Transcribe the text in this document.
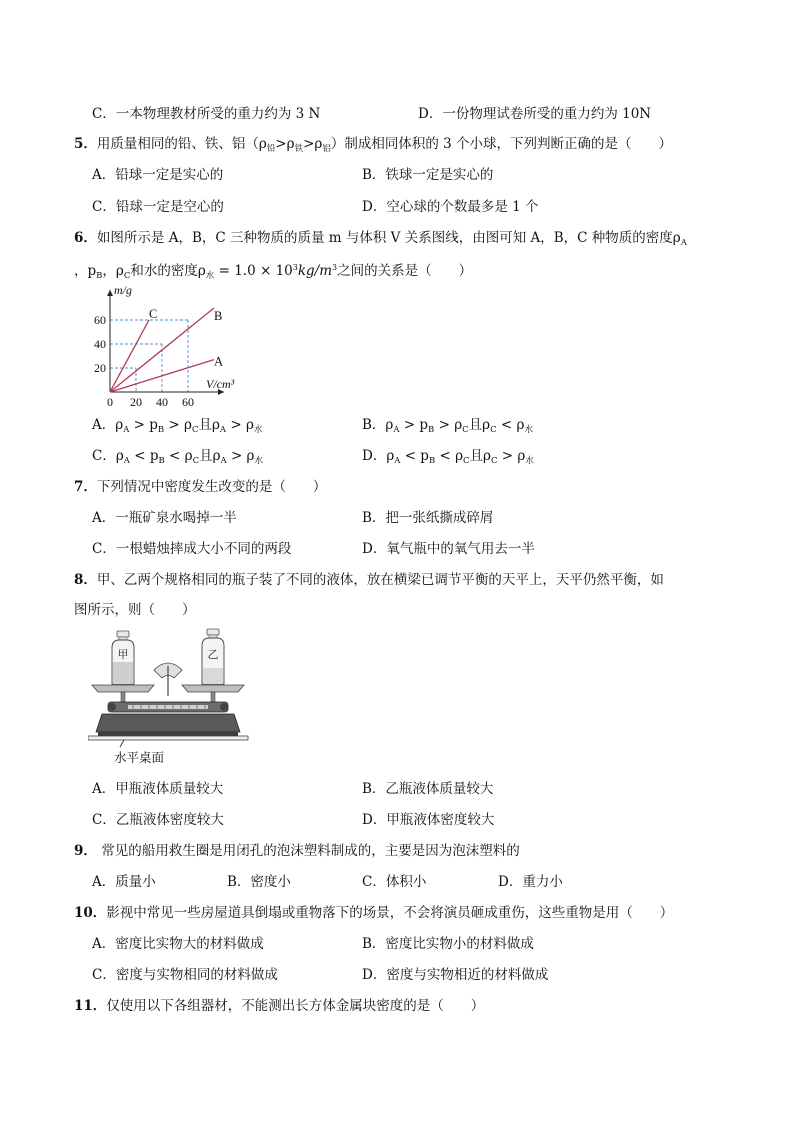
C．一本物理教材所受的重力约为 3 N	D．一份物理试卷所受的重力约为 10N
5．用质量相同的铅、铁、铝$(\rho_铅>\rho_铁>\rho_铝)$制成相同体积的 3 个小球，下列判断正确的是（　　）
A．铅球一定是实心的	B．铁球一定是实心的
C．铅球一定是空心的	D．空心球的个数最多是 1 个
6．如图所示是 A，B，C 三种物质的质量 m 与体积 V 关系图线，由图可知 A，B，C 种物质的密度$\rho_A$
，$p_B$，$\rho_C$和水的密度$\rho_水 = 1.0 \times 10^3kg/m^3$之间的关系是（　　）
C	B
A
0 20 40 60
20
40
60
m/g
V/cm³
A．$\rho_A > p_B > \rho_C$且$\rho_A > \rho_水$	B．$\rho_A > p_B > \rho_C$且$\rho_C < \rho_水$
C．$\rho_A < p_B < \rho_C$且$\rho_A > \rho_水$	D．$\rho_A < p_B < \rho_C$且$\rho_C > \rho_水$
7．下列情况中密度发生改变的是（　　）
A．一瓶矿泉水喝掉一半	B．把一张纸撕成碎屑
C．一根蜡烛摔成大小不同的两段	D．氧气瓶中的氧气用去一半
8．甲、乙两个规格相同的瓶子装了不同的液体，放在横梁已调节平衡的天平上，天平仍然平衡，如
图所示，则（　　）
甲	乙
水平桌面
A．甲瓶液体质量较大	B．乙瓶液体质量较大
C．乙瓶液体密度较大	D．甲瓶液体密度较大
9． 常见的船用救生圈是用闭孔的泡沫塑料制成的，主要是因为泡沫塑料的
A．质量小	B．密度小	C．体积小	D．重力小
10．影视中常见一些房屋道具倒塌或重物落下的场景，不会将演员砸成重伤，这些重物是用（　　）
A．密度比实物大的材料做成	B．密度比实物小的材料做成
C．密度与实物相同的材料做成	D．密度与实物相近的材料做成
11．仅使用以下各组器材，不能测出长方体金属块密度的是（　　）
